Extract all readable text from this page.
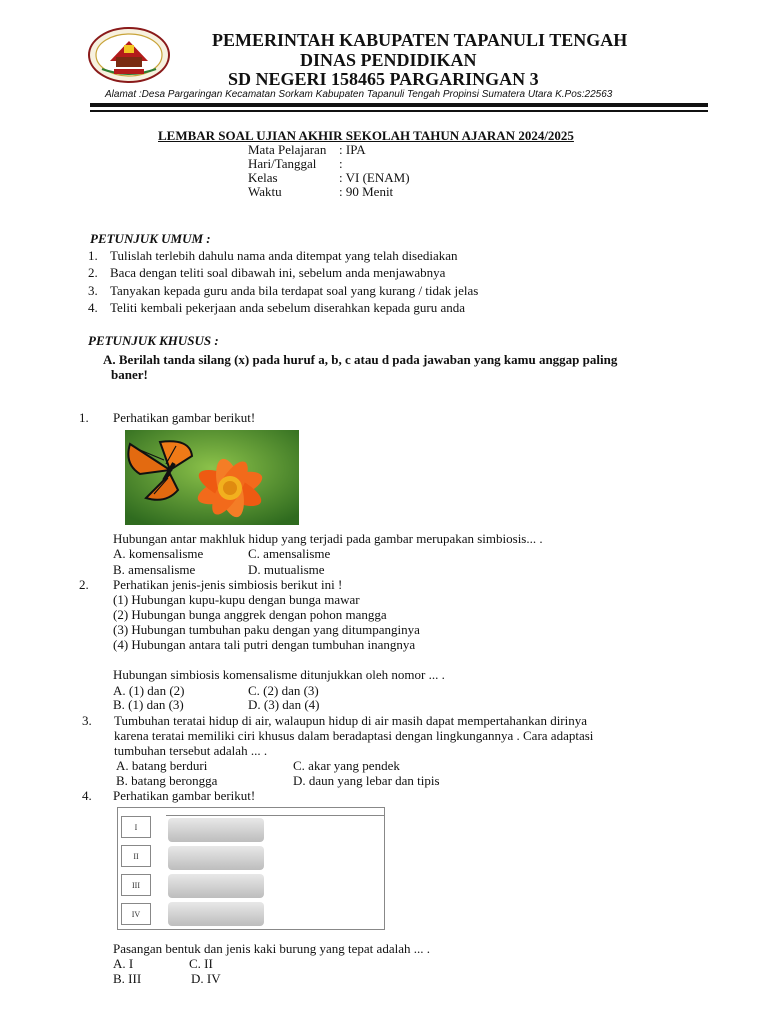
PEMERINTAH KABUPATEN TAPANULI TENGAH
DINAS PENDIDIKAN
SD NEGERI 158465 PARGARINGAN 3
Alamat :Desa Pargaringan Kecamatan Sorkam Kabupaten Tapanuli Tengah Propinsi Sumatera Utara K.Pos:22563
LEMBAR SOAL UJIAN AKHIR SEKOLAH TAHUN AJARAN 2024/2025
Mata Pelajaran : IPA
Hari/Tanggal :
Kelas	: VI (ENAM)
Waktu	: 90 Menit
PETUNJUK UMUM :
1. Tulislah terlebih dahulu nama anda ditempat yang telah disediakan
2. Baca dengan teliti soal dibawah ini, sebelum anda menjawabnya
3. Tanyakan kepada guru anda bila terdapat soal yang kurang / tidak jelas
4. Teliti kembali pekerjaan anda sebelum diserahkan kepada guru anda
PETUNJUK KHUSUS :
A. Berilah tanda silang (x) pada huruf a, b, c atau d pada jawaban yang kamu anggap paling
baner!
1. Perhatikan gambar berikut!
Hubungan antar makhluk hidup yang terjadi pada gambar merupakan simbiosis... .
A. komensalisme	C. amensalisme
B. amensalisme	D. mutualisme
2. Perhatikan jenis-jenis simbiosis berikut ini !
(1) Hubungan kupu-kupu dengan bunga mawar
(2) Hubungan bunga anggrek dengan pohon mangga
(3) Hubungan tumbuhan paku dengan yang ditumpanginya
(4) Hubungan antara tali putri dengan tumbuhan inangnya
Hubungan simbiosis komensalisme ditunjukkan oleh nomor ... .
A. (1) dan (2)	C. (2) dan (3)
B. (1) dan (3)	D. (3) dan (4)
3. Tumbuhan teratai hidup di air, walaupun hidup di air masih dapat mempertahankan dirinya
karena teratai memiliki ciri khusus dalam beradaptasi dengan lingkungannya . Cara adaptasi
tumbuhan tersebut adalah ... .
A. batang berduri	C. akar yang pendek
B. batang berongga	D. daun yang lebar dan tipis
4. Perhatikan gambar berikut!
I
II
III
IV
Pasangan bentuk dan jenis kaki burung yang tepat adalah ... .
A. I	C. II
B. III	D. IV
